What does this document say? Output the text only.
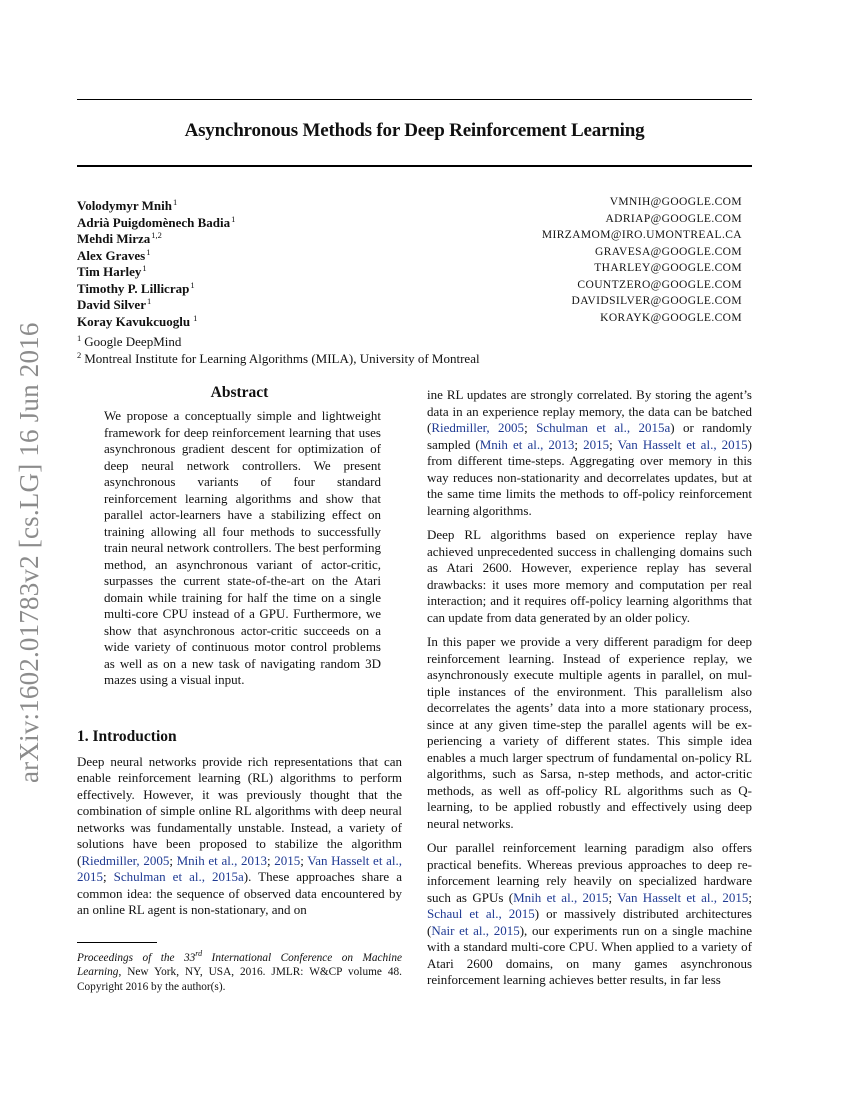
arXiv:1602.01783v2 [cs.LG] 16 Jun 2016
Asynchronous Methods for Deep Reinforcement Learning
Volodymyr Mnih$^1$	VMNIH@GOOGLE.COM
Adrià Puigdomènech Badia$^1$	ADRIAP@GOOGLE.COM
Mehdi Mirza$^{1,2}$	MIRZAMOM@IRO.UMONTREAL.CA
Alex Graves$^1$	GRAVESA@GOOGLE.COM
Tim Harley$^1$	THARLEY@GOOGLE.COM
Timothy P. Lillicrap$^1$	COUNTZERO@GOOGLE.COM
David Silver$^1$	DAVIDSILVER@GOOGLE.COM
Koray Kavukcuoglu $^1$	KORAYK@GOOGLE.COM
$^1$ Google DeepMind
$^2$ Montreal Institute for Learning Algorithms (MILA), University of Montreal
Abstract
We propose a conceptually simple and lightweight framework for deep reinforcement learning that uses asynchronous gradient descent for optimization of deep neural network controllers. We present asynchronous variants of four standard reinforcement learning algorithms and show that parallel actor-learners have a stabilizing effect on training allowing all four methods to successfully train neural network controllers. The best performing method, an asynchronous variant of actor-critic, surpasses the current state-of-the-art on the Atari domain while training for half the time on a single multi-core CPU instead of a GPU. Furthermore, we show that asynchronous actor-critic succeeds on a wide variety of continuous motor control problems as well as on a new task of navigating random 3D mazes using a visual input.
1. Introduction

Deep neural networks provide rich representations that can enable reinforcement learning (RL) algorithms to perform effectively. However, it was previously thought that the combination of simple online RL algorithms with deep neural networks was fundamentally unstable. Instead, a variety of solutions have been proposed to stabilize the algorithm (Riedmiller, 2005; Mnih et al., 2013; 2015; Van Hasselt et al., 2015; Schulman et al., 2015a). These approaches share a common idea: the sequence of observed data encountered by an online RL agent is non-stationary, and on

ine RL updates are strongly correlated. By storing the agent’s data in an experience replay memory, the data can be batched (Riedmiller, 2005; Schulman et al., 2015a) or randomly sampled (Mnih et al., 2013; 2015; Van Hasselt et al., 2015) from different time-steps. Aggregating over memory in this way reduces non-stationarity and decorrelates updates, but at the same time limits the methods to off-policy reinforcement learning algorithms.

Deep RL algorithms based on experience replay have achieved unprecedented success in challenging domains such as Atari 2600. However, experience replay has several drawbacks: it uses more memory and computation per real interaction; and it requires off-policy learning algorithms that can update from data generated by an older policy.

In this paper we provide a very different paradigm for deep reinforcement learning. Instead of experience replay, we asynchronously execute multiple agents in parallel, on multiple instances of the environment. This parallelism also decorrelates the agents’ data into a more stationary process, since at any given time-step the parallel agents will be experiencing a variety of different states. This simple idea enables a much larger spectrum of fundamental on-policy RL algorithms, such as Sarsa, n-step methods, and actor-critic methods, as well as off-policy RL algorithms such as Q-learning, to be applied robustly and effectively using deep neural networks.

Our parallel reinforcement learning paradigm also offers practical benefits. Whereas previous approaches to deep reinforcement learning rely heavily on specialized hardware such as GPUs (Mnih et al., 2015; Van Hasselt et al., 2015; Schaul et al., 2015) or massively distributed architectures (Nair et al., 2015), our experiments run on a single machine with a standard multi-core CPU. When applied to a variety of Atari 2600 domains, on many games asynchronous reinforcement learning achieves better results, in far less

Proceedings of the 33rd International Conference on Machine Learning, New York, NY, USA, 2016. JMLR: W&CP volume 48. Copyright 2016 by the author(s).
